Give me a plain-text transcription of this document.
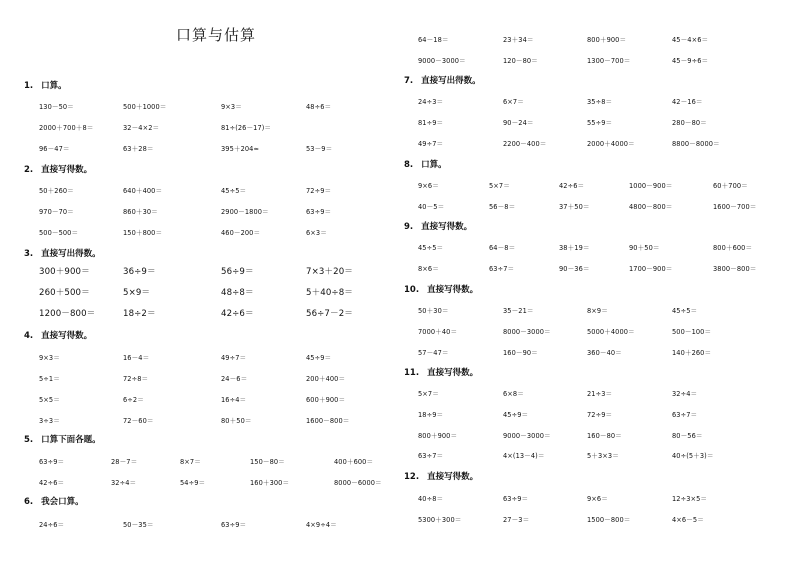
口算与估算
1. 口算。
130－50＝	500＋1000＝	9×3＝	48÷6＝
2000＋700＋8＝	32－4×2＝	81÷(26－17)＝
96－47＝	63＋28＝	395＋204≈	53－9＝
2. 直接写得数。
50＋260＝	640＋400＝	45÷5＝	72÷9＝
970－70＝	860＋30＝	2900－1800＝	63÷9＝
500－500＝	150＋800＝	460－200＝	6×3＝
3. 直接写出得数。
300＋900＝	36÷9＝	56÷9＝	7×3＋20＝
260＋500＝	5×9＝	48÷8＝	5＋40÷8＝
1200－800＝	18÷2＝	42÷6＝	56÷7－2＝
4. 直接写得数。
9×3＝	16－4＝	49÷7＝	45÷9＝
5÷1＝	72÷8＝	24－6＝	200＋400＝
5×5＝	6÷2＝	16÷4＝	600＋900＝
3÷3＝	72－60＝	80＋50＝	1600－800＝
5. 口算下面各题。
63÷9＝	28－7＝	8×7＝	150－80＝	400＋600＝
42÷6＝	32÷4＝	54÷9＝	160＋300＝	8000－6000＝
6. 我会口算。
24÷6＝	50－35＝	63÷9＝	4×9÷4＝
64－18＝	23＋34＝	800＋900＝	45－4×6＝
9000－3000＝	120－80＝	1300－700＝	45－9÷6＝
7. 直接写出得数。
24÷3＝	6×7＝	35÷8＝	42－16＝
81÷9＝	90－24＝	55÷9＝	280－80＝
49÷7＝	2200－400＝	2000＋4000＝	8800－8000＝
8. 口算。
9×6＝	5×7＝	42÷6＝	1000－900＝	60＋700＝
40－5＝	56－8＝	37＋50＝	4800－800＝	1600－700＝
9. 直接写得数。
45÷5＝	64－8＝	38＋19＝	90＋50＝	800＋600＝
8×6＝	63÷7＝	90－36＝	1700－900＝	3800－800＝
10. 直接写得数。
50＋30＝	35－21＝	8×9＝	45÷5＝
7000＋40＝	8000－3000＝	5000＋4000＝	500－100＝
57－47＝	160－90＝	360－40＝	140＋260＝
11. 直接写得数。
5×7＝	6×8＝	21÷3＝	32÷4＝
18÷9＝	45÷9＝	72÷9＝	63÷7＝
800＋900＝	9000－3000＝	160－80＝	80－56＝
63÷7＝	4×(13－4)＝	5＋3×3＝	40÷(5＋3)＝
12. 直接写得数。
40÷8＝	63÷9＝	9×6＝	12÷3×5＝
5300＋300＝	27－3＝	1500－800＝	4×6－5＝
